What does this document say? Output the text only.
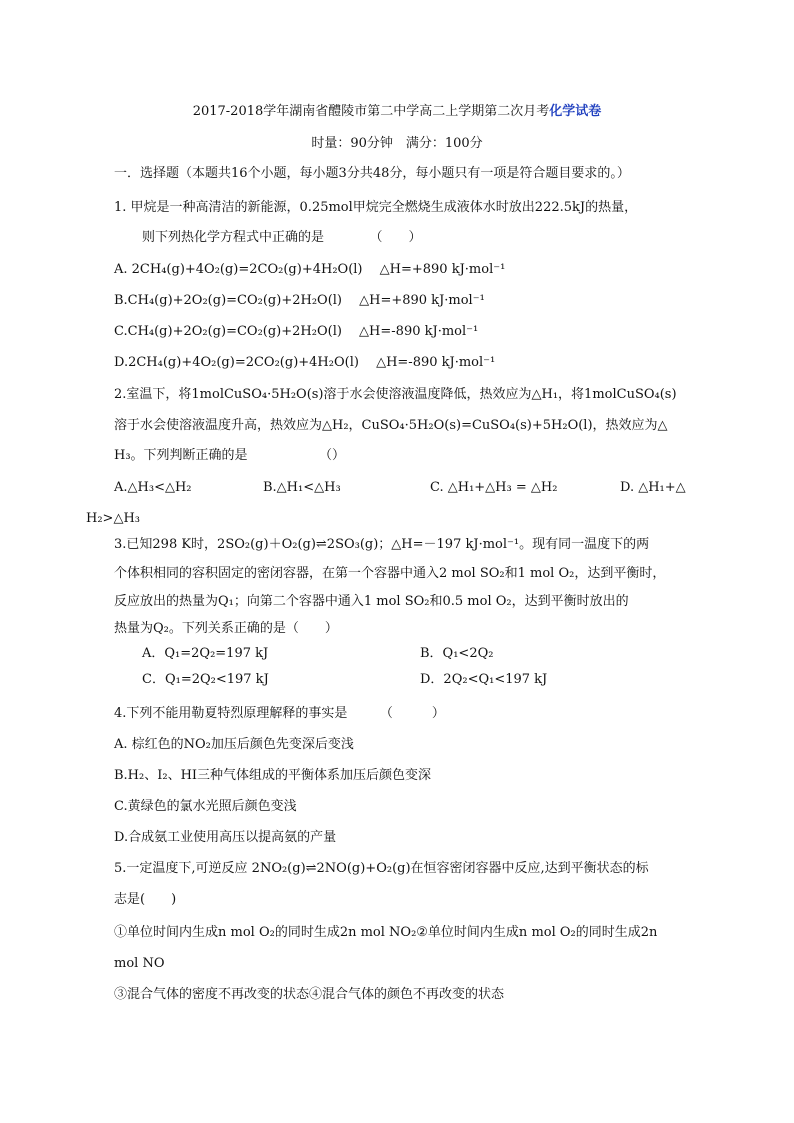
2017-2018学年湖南省醴陵市第二中学高二上学期第二次月考化学试卷
时量：90分钟　满分：100分
一．选择题（本题共16个小题，每小题3分共48分，每小题只有一项是符合题目要求的。）
1. 甲烷是一种高清洁的新能源，0.25mol甲烷完全燃烧生成液体水时放出222.5kJ的热量，
则下列热化学方程式中正确的是　　　　（　　）
A. 2CH₄(g)+4O₂(g)=2CO₂(g)+4H₂O(l)　 △H=+890 kJ·mol⁻¹
B.CH₄(g)+2O₂(g)=CO₂(g)+2H₂O(l)　 △H=+890 kJ·mol⁻¹
C.CH₄(g)+2O₂(g)=CO₂(g)+2H₂O(l)　 △H=-890 kJ·mol⁻¹
D.2CH₄(g)+4O₂(g)=2CO₂(g)+4H₂O(l)　 △H=-890 kJ·mol⁻¹
2.室温下，将1molCuSO₄·5H₂O(s)溶于水会使溶液温度降低，热效应为△H₁，将1molCuSO₄(s)
溶于水会使溶液温度升高，热效应为△H₂，CuSO₄·5H₂O(s)=CuSO₄(s)+5H₂O(l)，热效应为△
H₃。下列判断正确的是　　　　　　（）
A.△H₃<△H₂	B.△H₁<△H₃	C. △H₁+△H₃ = △H₂	D. △H₁+△
H₂>△H₃
3.已知298 K时，2SO₂(g)＋O₂(g)⇌2SO₃(g)；△H=－197 kJ·mol⁻¹。现有同一温度下的两
个体积相同的容积固定的密闭容器，在第一个容器中通入2 mol SO₂和1 mol O₂，达到平衡时，
反应放出的热量为Q₁；向第二个容器中通入1 mol SO₂和0.5 mol O₂，达到平衡时放出的
热量为Q₂。下列关系正确的是（　　）
A．Q₁=2Q₂=197 kJ	B．Q₁<2Q₂
C．Q₁=2Q₂<197 kJ	D．2Q₂<Q₁<197 kJ
4.下列不能用勒夏特烈原理解释的事实是　　　（　　　）
A. 棕红色的NO₂加压后颜色先变深后变浅
B.H₂、I₂、HI三种气体组成的平衡体系加压后颜色变深
C.黄绿色的氯水光照后颜色变浅
D.合成氨工业使用高压以提高氨的产量
5.一定温度下,可逆反应 2NO₂(g)⇌2NO(g)+O₂(g)在恒容密闭容器中反应,达到平衡状态的标
志是(　　)
①单位时间内生成n mol O₂的同时生成2n mol NO₂②单位时间内生成n mol O₂的同时生成2n
mol NO
③混合气体的密度不再改变的状态④混合气体的颜色不再改变的状态
